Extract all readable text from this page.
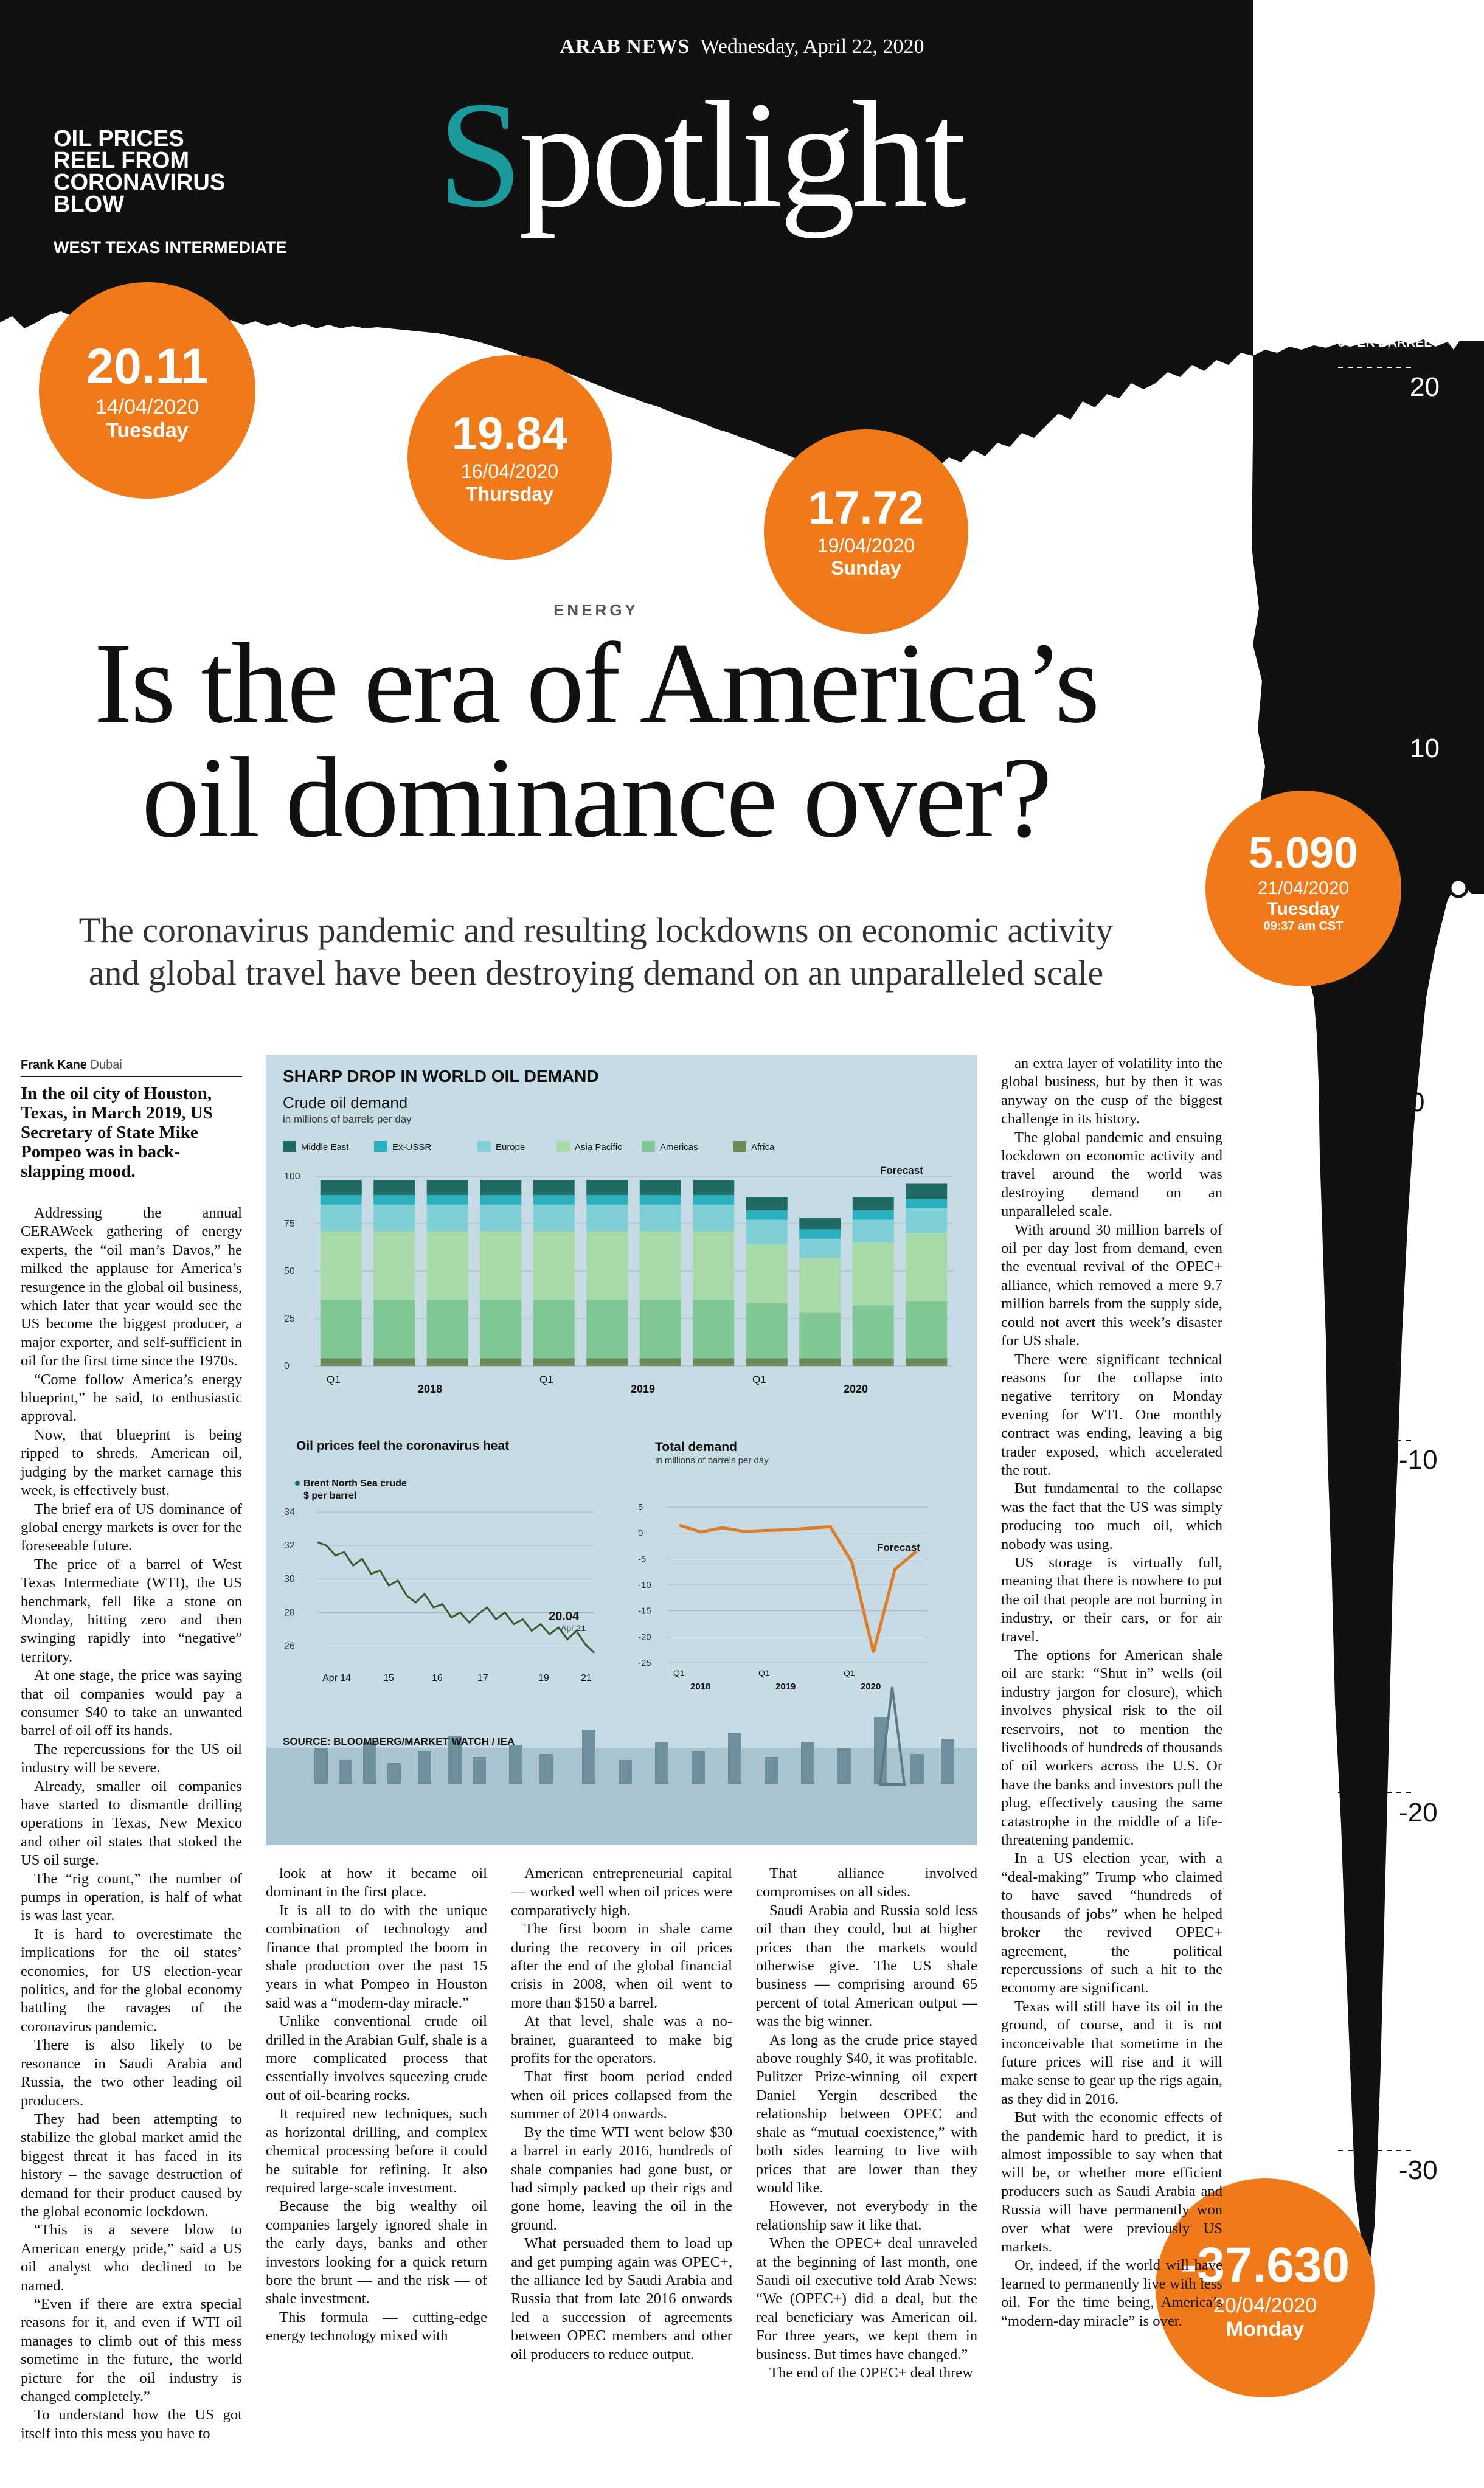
ARAB NEWS Wednesday, April 22, 2020	3
Spotlight
OIL PRICES
REEL FROM
CORONAVIRUS
BLOW
WEST TEXAS INTERMEDIATE
$ PER BARREL
20
10
0
-10
-20
-30
20.11
14/04/2020
Tuesday	19.84
16/04/2020
Thursday	17.72
19/04/2020
Sunday
5.090
21/04/2020
Tuesday
09:37 am CST
-37.630
20/04/2020
Monday
ENERGY
Is the era of America’s
oil dominance over?
The coronavirus pandemic and resulting lockdowns on economic activity
and global travel have been destroying demand on an unparalleled scale
Frank Kane Dubai
In the oil city of Houston, Texas, in March 2019, US Secretary of State Mike Pompeo was in back-slapping mood.

Addressing the annual CERAWeek gathering of energy experts, the “oil man’s Davos,” he milked the applause for America’s resurgence in the global oil business, which later that year would see the US become the biggest producer, a major exporter, and self-sufficient in oil for the first time since the 1970s.

“Come follow America’s energy blueprint,” he said, to enthusiastic approval.

Now, that blueprint is being ripped to shreds. American oil, judging by the market carnage this week, is effectively bust.

The brief era of US dominance of global energy markets is over for the foreseeable future.

The price of a barrel of West Texas Intermediate (WTI), the US benchmark, fell like a stone on Monday, hitting zero and then swinging rapidly into “negative” territory.

At one stage, the price was saying that oil companies would pay a consumer $40 to take an unwanted barrel of oil off its hands.

The repercussions for the US oil industry will be severe.

Already, smaller oil companies have started to dismantle drilling operations in Texas, New Mexico and other oil states that stoked the US oil surge.

The “rig count,” the number of pumps in operation, is half of what is was last year.

It is hard to overestimate the implications for the oil states’ economies, for US election-year politics, and for the global economy battling the ravages of the coronavirus pandemic.

There is also likely to be resonance in Saudi Arabia and Russia, the two other leading oil producers.

They had been attempting to stabilize the global market amid the biggest threat it has faced in its history – the savage destruction of demand for their product caused by the global economic lockdown.

“This is a severe blow to American energy pride,” said a US oil analyst who declined to be named.

“Even if there are extra special reasons for it, and even if WTI oil manages to climb out of this mess sometime in the future, the world picture for the oil industry is changed completely.”

To understand how the US got itself into this mess you have to

look at how it became oil dominant in the first place.

It is all to do with the unique combination of technology and finance that prompted the boom in shale production over the past 15 years in what Pompeo in Houston said was a “modern-day miracle.”

Unlike conventional crude oil drilled in the Arabian Gulf, shale is a more complicated process that essentially involves squeezing crude out of oil-bearing rocks.

It required new techniques, such as horizontal drilling, and complex chemical processing before it could be suitable for refining. It also required large-scale investment.

Because the big wealthy oil companies largely ignored shale in the early days, banks and other investors looking for a quick return bore the brunt — and the risk — of shale investment.

This formula — cutting-edge energy technology mixed with

American entrepreneurial capital — worked well when oil prices were comparatively high.

The first boom in shale came during the recovery in oil prices after the end of the global financial crisis in 2008, when oil went to more than $150 a barrel.

At that level, shale was a no-brainer, guaranteed to make big profits for the operators.

That first boom period ended when oil prices collapsed from the summer of 2014 onwards.

By the time WTI went below $30 a barrel in early 2016, hundreds of shale companies had gone bust, or had simply packed up their rigs and gone home, leaving the oil in the ground.

What persuaded them to load up and get pumping again was OPEC+, the alliance led by Saudi Arabia and Russia that from late 2016 onwards led a succession of agreements between OPEC members and other oil producers to reduce output.

That alliance involved compromises on all sides.

Saudi Arabia and Russia sold less oil than they could, but at higher prices than the markets would otherwise give. The US shale business — comprising around 65 percent of total American output — was the big winner.

As long as the crude price stayed above roughly $40, it was profitable. Pulitzer Prize-winning oil expert Daniel Yergin described the relationship between OPEC and shale as “mutual coexistence,” with both sides learning to live with prices that are lower than they would like.

However, not everybody in the relationship saw it like that.

When the OPEC+ deal unraveled at the beginning of last month, one Saudi oil executive told Arab News: “We (OPEC+) did a deal, but the real beneficiary was American oil. For three years, we kept them in business. But times have changed.”

The end of the OPEC+ deal threw

an extra layer of volatility into the global business, but by then it was anyway on the cusp of the biggest challenge in its history.

The global pandemic and ensuing lockdown on economic activity and travel around the world was destroying demand on an unparalleled scale.

With around 30 million barrels of oil per day lost from demand, even the eventual revival of the OPEC+ alliance, which removed a mere 9.7 million barrels from the supply side, could not avert this week’s disaster for US shale.

There were significant technical reasons for the collapse into negative territory on Monday evening for WTI. One monthly contract was ending, leaving a big trader exposed, which accelerated the rout.

But fundamental to the collapse was the fact that the US was simply producing too much oil, which nobody was using.

US storage is virtually full, meaning that there is nowhere to put the oil that people are not burning in industry, or their cars, or for air travel.

The options for American shale oil are stark: “Shut in” wells (oil industry jargon for closure), which involves physical risk to the oil reservoirs, not to mention the livelihoods of hundreds of thousands of oil workers across the U.S. Or have the banks and investors pull the plug, effectively causing the same catastrophe in the middle of a life-threatening pandemic.

In a US election year, with a “deal-making” Trump who claimed to have saved “hundreds of thousands of jobs” when he helped broker the revived OPEC+ agreement, the political repercussions of such a hit to the economy are significant.

Texas will still have its oil in the ground, of course, and it is not inconceivable that sometime in the future prices will rise and it will make sense to gear up the rigs again, as they did in 2016.

But with the economic effects of the pandemic hard to predict, it is almost impossible to say when that will be, or whether more efficient producers such as Saudi Arabia and Russia will have permanently won over what were previously US markets.

Or, indeed, if the world will have learned to permanently live with less oil. For the time being, America’s “modern-day miracle” is over.

SHARP DROP IN WORLD OIL DEMAND
Crude oil demand
in millions of barrels per day
Middle East	Ex-USSR	Europe	Asia Pacific	Americas	Africa
100
75
50
25
0
Forecast
Q1	Q1	Q1
2018	2019	2020
Oil prices feel the coronavirus heat
Brent North Sea crude
$ per barrel
34
32
30
28
26
20.04
Apr 21
Apr 14	15	16	17	19	21
Total demand
in millions of barrels per day
5
0
-5
-10
-15
-20
-25
Forecast
Q1	Q1	Q1
2018	2019	2020
SOURCE: BLOOMBERG/MARKET WATCH / IEA
